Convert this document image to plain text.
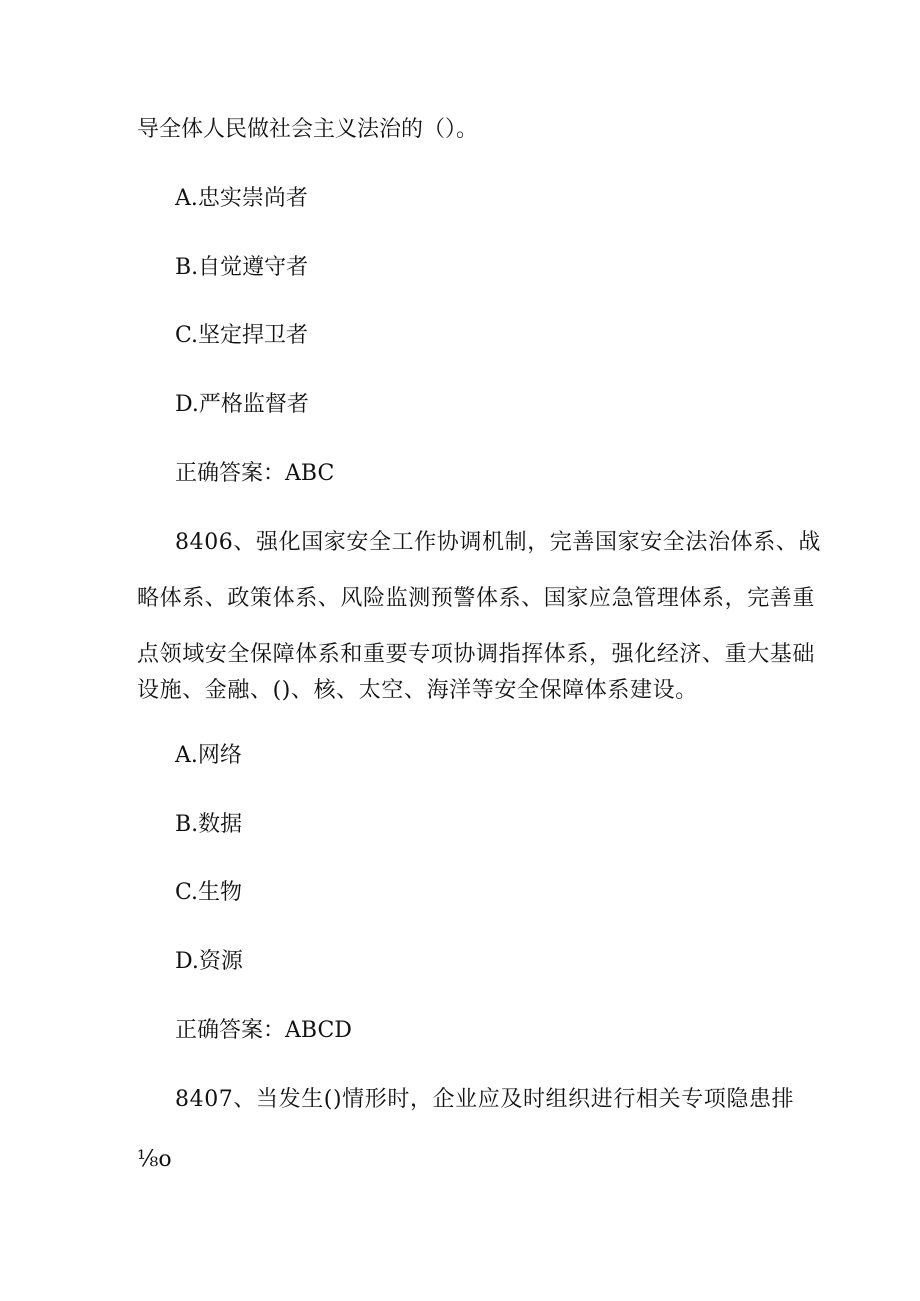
导全体人民做社会主义法治的（）。
A.忠实崇尚者
B.自觉遵守者
C.坚定捍卫者
D.严格监督者
正确答案：ABC
8406、强化国家安全工作协调机制，完善国家安全法治体系、战
略体系、政策体系、风险监测预警体系、国家应急管理体系，完善重
点领域安全保障体系和重要专项协调指挥体系，强化经济、重大基础
设施、金融、()、核、太空、海洋等安全保障体系建设。
A.网络
B.数据
C.生物
D.资源
正确答案：ABCD
8407、当发生()情形时，企业应及时组织进行相关专项隐患排
⅛o
